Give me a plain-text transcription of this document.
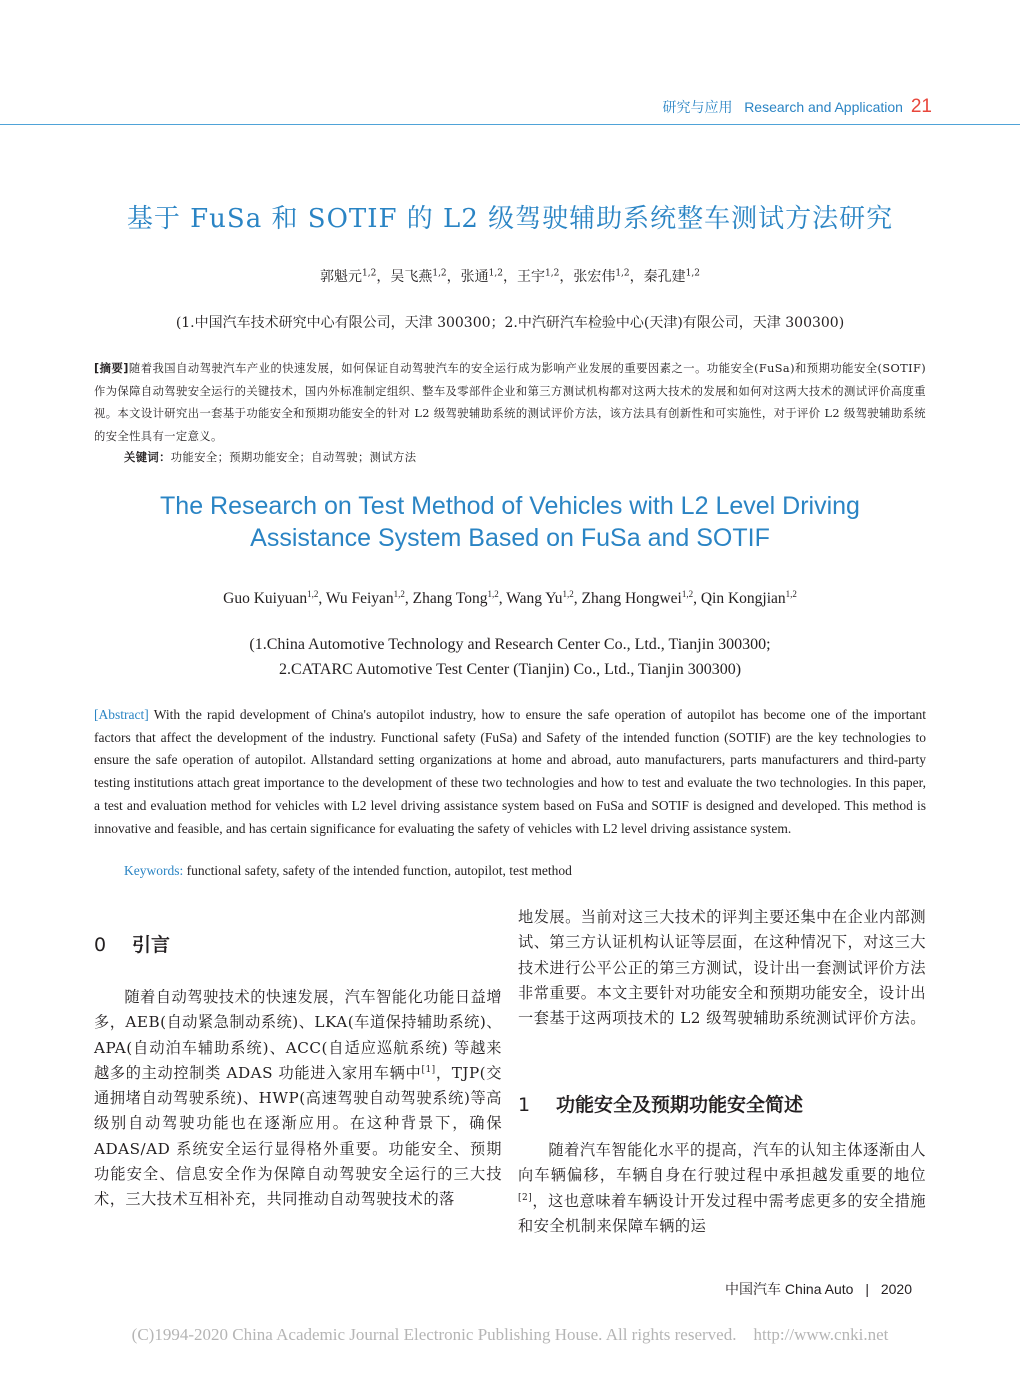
研究与应用 Research and Application 21
基于 FuSa 和 SOTIF 的 L2 级驾驶辅助系统整车测试方法研究
郭魁元$^{1,2}$，吴飞燕$^{1,2}$，张通$^{1,2}$，王宇$^{1,2}$，张宏伟$^{1,2}$，秦孔建$^{1,2}$
(1.中国汽车技术研究中心有限公司，天津 300300；2.中汽研汽车检验中心(天津)有限公司，天津 300300)
[摘要]随着我国自动驾驶汽车产业的快速发展，如何保证自动驾驶汽车的安全运行成为影响产业发展的重要因素之一。功能安全(FuSa)和预期功能安全(SOTIF)作为保障自动驾驶安全运行的关键技术，国内外标准制定组织、整车及零部件企业和第三方测试机构都对这两大技术的发展和如何对这两大技术的测试评价高度重视。本文设计研究出一套基于功能安全和预期功能安全的针对 L2 级驾驶辅助系统的测试评价方法，该方法具有创新性和可实施性，对于评价 L2 级驾驶辅助系统的安全性具有一定意义。
关键词：功能安全；预期功能安全；自动驾驶；测试方法
The Research on Test Method of Vehicles with L2 Level Driving
Assistance System Based on FuSa and SOTIF
Guo Kuiyuan$^{1,2}$, Wu Feiyan$^{1,2}$, Zhang Tong$^{1,2}$, Wang Yu$^{1,2}$, Zhang Hongwei$^{1,2}$, Qin Kongjian$^{1,2}$
(1.China Automotive Technology and Research Center Co., Ltd., Tianjin 300300;
2.CATARC Automotive Test Center (Tianjin) Co., Ltd., Tianjin 300300)
[Abstract] With the rapid development of China's autopilot industry, how to ensure the safe operation of autopilot has become one of the important factors that affect the development of the industry. Functional safety (FuSa) and Safety of the intended function (SOTIF) are the key technologies to ensure the safe operation of autopilot. Allstandard setting organizations at home and abroad, auto manufacturers, parts manufacturers and third-party testing institutions attach great importance to the development of these two technologies and how to test and evaluate the two technologies. In this paper, a test and evaluation method for vehicles with L2 level driving assistance system based on FuSa and SOTIF is designed and developed. This method is innovative and feasible, and has certain significance for evaluating the safety of vehicles with L2 level driving assistance system.
Keywords: functional safety, safety of the intended function, autopilot, test method
0 引言
1 功能安全及预期功能安全简述

随着自动驾驶技术的快速发展，汽车智能化功能日益增多，AEB(自动紧急制动系统)、LKA(车道保持辅助系统)、APA(自动泊车辅助系统)、ACC(自适应巡航系统) 等越来越多的主动控制类 ADAS 功能进入家用车辆中[1]，TJP(交通拥堵自动驾驶系统)、HWP(高速驾驶自动驾驶系统)等高级别自动驾驶功能也在逐渐应用。在这种背景下，确保 ADAS/AD 系统安全运行显得格外重要。功能安全、预期功能安全、信息安全作为保障自动驾驶安全运行的三大技术，三大技术互相补充，共同推动自动驾驶技术的落

地发展。当前对这三大技术的评判主要还集中在企业内部测试、第三方认证机构认证等层面，在这种情况下，对这三大技术进行公平公正的第三方测试，设计出一套测试评价方法非常重要。本文主要针对功能安全和预期功能安全，设计出一套基于这两项技术的 L2 级驾驶辅助系统测试评价方法。

随着汽车智能化水平的提高，汽车的认知主体逐渐由人向车辆偏移，车辆自身在行驶过程中承担越发重要的地位[2]，这也意味着车辆设计开发过程中需考虑更多的安全措施和安全机制来保障车辆的运

中国汽车 China Auto | 2020
(C)1994-2020 China Academic Journal Electronic Publishing House. All rights reserved.    http://www.cnki.net
